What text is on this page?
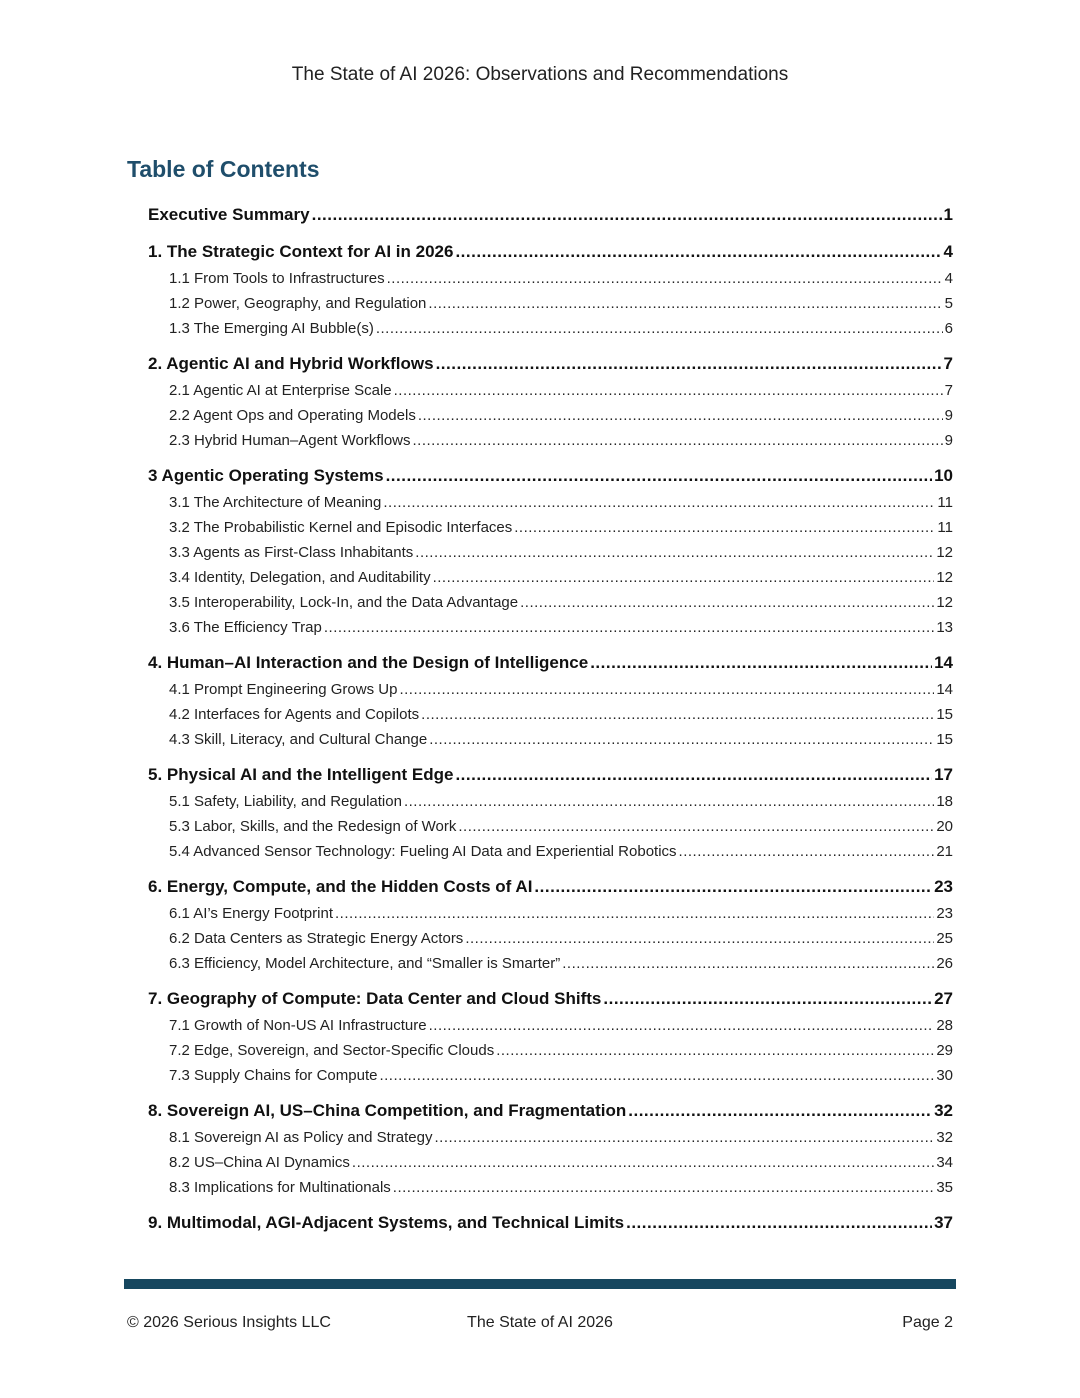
The State of AI 2026: Observations and Recommendations
Table of Contents
Executive Summary .....	1
1. The Strategic Context for AI in 2026 .....	4
1.1 From Tools to Infrastructures .....	4
1.2 Power, Geography, and Regulation .....	5
1.3 The Emerging AI Bubble(s) .....	6
2. Agentic AI and Hybrid Workflows .....	7
2.1 Agentic AI at Enterprise Scale .....	7
2.2 Agent Ops and Operating Models .....	9
2.3 Hybrid Human–Agent Workflows .....	9
3 Agentic Operating Systems .....	10
3.1 The Architecture of Meaning .....	11
3.2 The Probabilistic Kernel and Episodic Interfaces .....	11
3.3 Agents as First-Class Inhabitants .....	12
3.4 Identity, Delegation, and Auditability .....	12
3.5 Interoperability, Lock-In, and the Data Advantage .....	12
3.6 The Efficiency Trap .....	13
4. Human–AI Interaction and the Design of Intelligence .....	14
4.1 Prompt Engineering Grows Up .....	14
4.2 Interfaces for Agents and Copilots .....	15
4.3 Skill, Literacy, and Cultural Change .....	15
5. Physical AI and the Intelligent Edge .....	17
5.1 Safety, Liability, and Regulation .....	18
5.3 Labor, Skills, and the Redesign of Work .....	20
5.4 Advanced Sensor Technology: Fueling AI Data and Experiential Robotics .....	21
6. Energy, Compute, and the Hidden Costs of AI .....	23
6.1 AI’s Energy Footprint .....	23
6.2 Data Centers as Strategic Energy Actors .....	25
6.3 Efficiency, Model Architecture, and “Smaller is Smarter” .....	26
7. Geography of Compute: Data Center and Cloud Shifts .....	27
7.1 Growth of Non-US AI Infrastructure .....	28
7.2 Edge, Sovereign, and Sector-Specific Clouds .....	29
7.3 Supply Chains for Compute .....	30
8. Sovereign AI, US–China Competition, and Fragmentation .....	32
8.1 Sovereign AI as Policy and Strategy .....	32
8.2 US–China AI Dynamics .....	34
8.3 Implications for Multinationals .....	35
9. Multimodal, AGI-Adjacent Systems, and Technical Limits .....	37
© 2026 Serious Insights LLC	The State of AI 2026	Page 2
